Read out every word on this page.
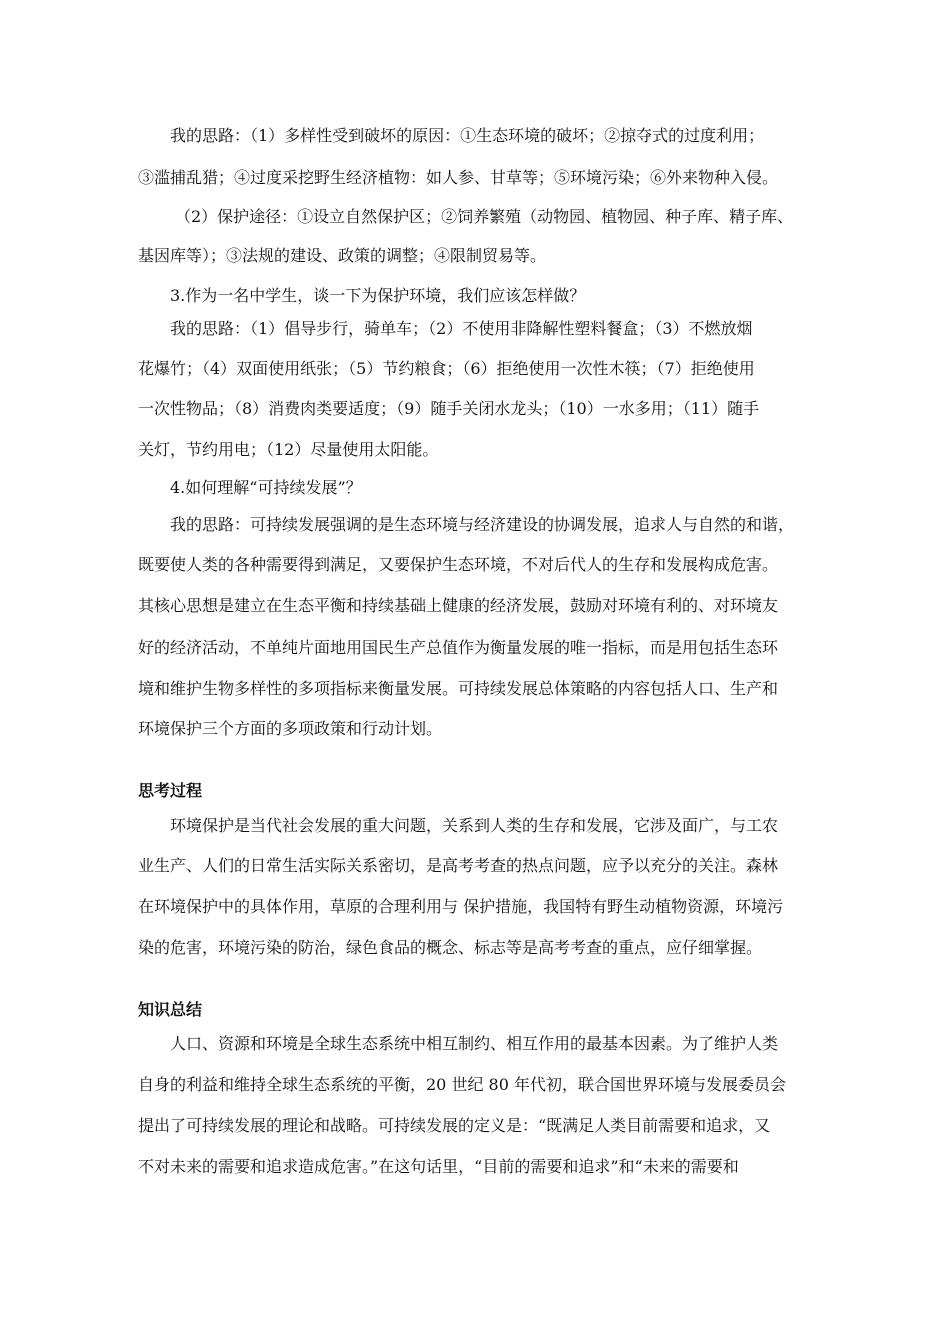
我的思路：（1）多样性受到破坏的原因：①生态环境的破坏；②掠夺式的过度利用；
③滥捕乱猎；④过度采挖野生经济植物：如人参、甘草等；⑤环境污染；⑥外来物种入侵。
（2）保护途径：①设立自然保护区；②饲养繁殖（动物园、植物园、种子库、精子库、
基因库等）；③法规的建设、政策的调整；④限制贸易等。
3.作为一名中学生，谈一下为保护环境，我们应该怎样做？
我的思路：（1）倡导步行，骑单车；（2）不使用非降解性塑料餐盒；（3）不燃放烟
花爆竹；（4）双面使用纸张；（5）节约粮食；（6）拒绝使用一次性木筷；（7）拒绝使用
一次性物品；（8）消费肉类要适度；（9）随手关闭水龙头；（10）一水多用；（11）随手
关灯，节约用电；（12）尽量使用太阳能。
4.如何理解“可持续发展”？
我的思路：可持续发展强调的是生态环境与经济建设的协调发展，追求人与自然的和谐，
既要使人类的各种需要得到满足，又要保护生态环境，不对后代人的生存和发展构成危害。
其核心思想是建立在生态平衡和持续基础上健康的经济发展，鼓励对环境有利的、对环境友
好的经济活动，不单纯片面地用国民生产总值作为衡量发展的唯一指标，而是用包括生态环
境和维护生物多样性的多项指标来衡量发展。可持续发展总体策略的内容包括人口、生产和
环境保护三个方面的多项政策和行动计划。
思考过程
环境保护是当代社会发展的重大问题，关系到人类的生存和发展，它涉及面广，与工农
业生产、人们的日常生活实际关系密切，是高考考查的热点问题，应予以充分的关注。森林
在环境保护中的具体作用，草原的合理利用与 保护措施，我国特有野生动植物资源，环境污
染的危害，环境污染的防治，绿色食品的概念、标志等是高考考查的重点，应仔细掌握。
知识总结
人口、资源和环境是全球生态系统中相互制约、相互作用的最基本因素。为了维护人类
自身的利益和维持全球生态系统的平衡，20 世纪 80 年代初，联合国世界环境与发展委员会
提出了可持续发展的理论和战略。可持续发展的定义是：“既满足人类目前需要和追求，又
不对未来的需要和追求造成危害。”在这句话里，“目前的需要和追求”和“未来的需要和
